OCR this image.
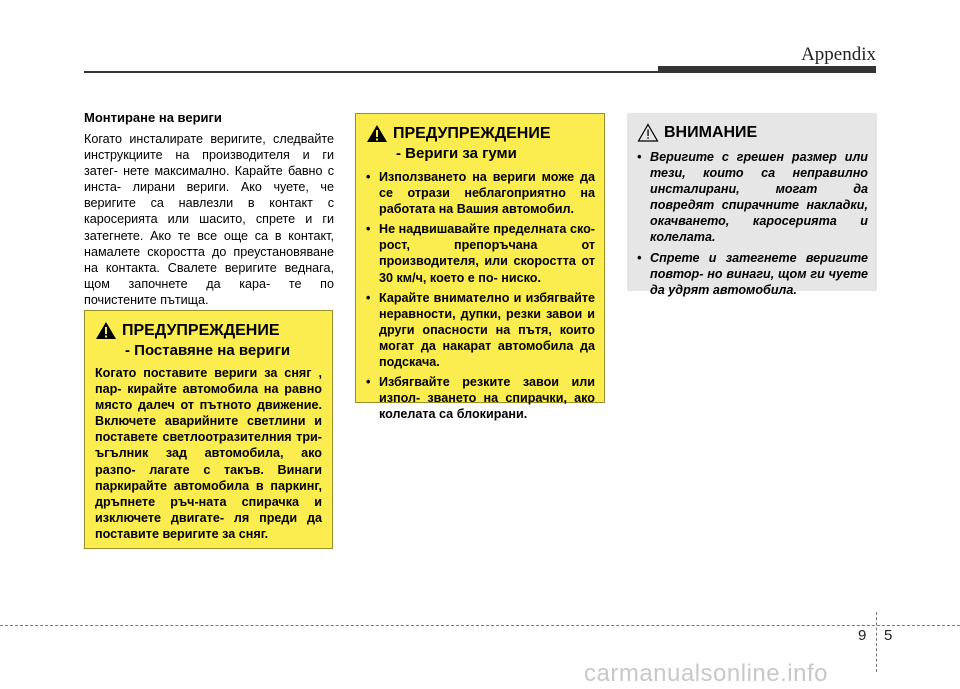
Appendix
Монтиране на вериги

Когато инсталирате веригите, следвайте инструкциите на производителя и ги затег- нете максимално. Карайте бавно с инста- лирани вериги. Ако чуете, че веригите са навлезли в контакт с каросерията или шасито, спрете и ги затегнете. Ако те все още са в контакт, намалете скоростта до преустановяване на контакта. Свалете веригите веднага, щом започнете да кара- те по почистените пътища.

ПРЕДУПРЕЖДЕНИЕ
- Поставяне на вериги
Когато поставите вериги за сняг , пар- кирайте автомобила на равно място далеч от пътното движение. Включете аварийните светлини и поставете светлоотразителния три- ъгълник зад автомобила, ако разпо- лагате с такъв. Винаги паркирайте автомобила в паркинг, дръпнете ръч-ната спирачка и изключете двигате- ля преди да поставите веригите за сняг.
ПРЕДУПРЕЖДЕНИЕ
- Вериги за гуми
• Използването на вериги може да се отрази неблагоприятно на работата на Вашия автомобил.
• Не надвишавайте пределната ско- рост, препоръчана от производителя, или скоростта от 30 км/ч, което е по- ниско.
• Карайте внимателно и избягвайте неравности, дупки, резки завои и други опасности на пътя, които могат да накарат автомобила да подскача.
• Избягвайте резките завои или изпол- зването на спирачки, ако колелата са блокирани.
ВНИМАНИЕ
• Веригите с грешен размер или тези, които са неправилно инсталирани, могат да повредят спирачните накладки, окачването, каросерията и колелата.
• Спрете и затегнете веригите повтор- но винаги, щом ги чуете да удрят автомобила.
9 5
carmanualsonline.info
